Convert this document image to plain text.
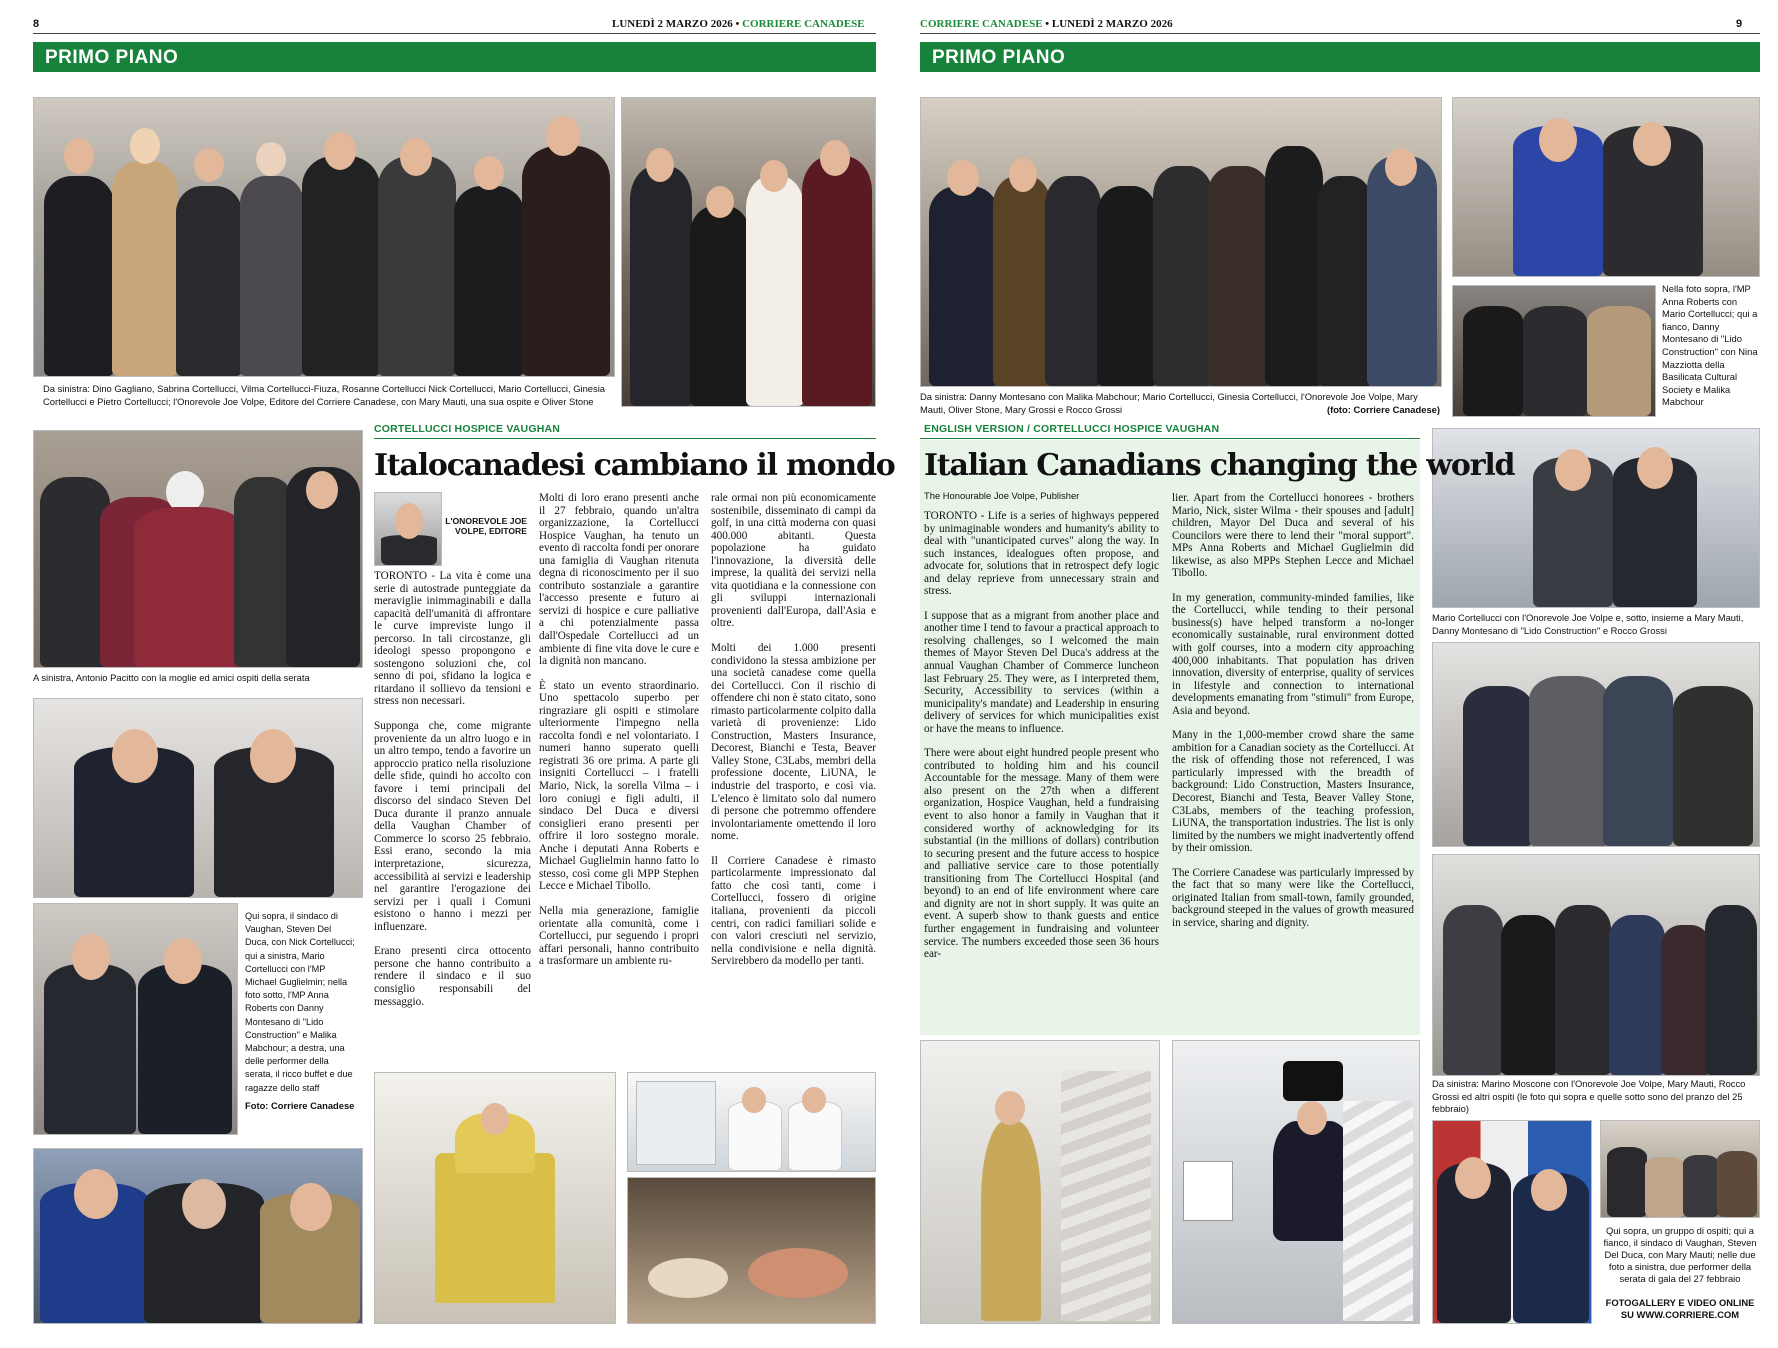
8	LUNEDÌ 2 MARZO 2026 • CORRIERE CANADESE
PRIMO PIANO
Da sinistra: Dino Gagliano, Sabrina Cortellucci, Vilma Cortellucci-Fiuza, Rosanne Cortellucci Nick Cortellucci, Mario Cortellucci, Ginesia Cortellucci e Pietro Cortellucci; l'Onorevole Joe Volpe, Editore del Corriere Canadese, con Mary Mauti, una sua ospite e Oliver Stone
A sinistra, Antonio Pacitto con la moglie ed amici ospiti della serata
Qui sopra, il sindaco di Vaughan, Steven Del Duca, con Nick Cortellucci; qui a sinistra, Mario Cortellucci con l'MP Michael Guglielmin; nella foto sotto, l'MP Anna Roberts con Danny Montesano di "Lido Construction" e Malika Mabchour; a destra, una delle performer della serata, il ricco buffet e due ragazze dello staff
Foto: Corriere Canadese
CORTELLUCCI HOSPICE VAUGHAN
Italocanadesi cambiano il mondo
L'ONOREVOLE JOE VOLPE, EDITORE

TORONTO - La vita è come una serie di autostrade punteggiate da meraviglie inimmaginabili e dalla capacità dell'umanità di affrontare le curve impreviste lungo il percorso. In tali circostanze, gli ideologi spesso propongono e sostengono soluzioni che, col senno di poi, sfidano la logica e ritardano il sollievo da tensioni e stress non necessari.

Supponga che, come migrante proveniente da un altro luogo e in un altro tempo, tendo a favorire un approccio pratico nella risoluzione delle sfide, quindi ho accolto con favore i temi principali del discorso del sindaco Steven Del Duca durante il pranzo annuale della Vaughan Chamber of Commerce lo scorso 25 febbraio. Essi erano, secondo la mia interpretazione, sicurezza, accessibilità ai servizi e leadership nel garantire l'erogazione dei servizi per i quali i Comuni esistono o hanno i mezzi per influenzare.

Erano presenti circa ottocento persone che hanno contribuito a rendere il sindaco e il suo consiglio responsabili del messaggio.

Molti di loro erano presenti anche il 27 febbraio, quando un'altra organizzazione, la Cortellucci Hospice Vaughan, ha tenuto un evento di raccolta fondi per onorare una famiglia di Vaughan ritenuta degna di riconoscimento per il suo contributo sostanziale a garantire l'accesso presente e futuro ai servizi di hospice e cure palliative a chi potenzialmente passa dall'Ospedale Cortellucci ad un ambiente di fine vita dove le cure e la dignità non mancano.

È stato un evento straordinario. Uno spettacolo superbo per ringraziare gli ospiti e stimolare ulteriormente l'impegno nella raccolta fondi e nel volontariato. I numeri hanno superato quelli registrati 36 ore prima. A parte gli insigniti Cortellucci – i fratelli Mario, Nick, la sorella Vilma – i loro coniugi e figli adulti, il sindaco Del Duca e diversi consiglieri erano presenti per offrire il loro sostegno morale. Anche i deputati Anna Roberts e Michael Guglielmin hanno fatto lo stesso, così come gli MPP Stephen Lecce e Michael Tibollo.

Nella mia generazione, famiglie orientate alla comunità, come i Cortellucci, pur seguendo i propri affari personali, hanno contribuito a trasformare un ambiente ru-

rale ormai non più economicamente sostenibile, disseminato di campi da golf, in una città moderna con quasi 400.000 abitanti. Questa popolazione ha guidato l'innovazione, la diversità delle imprese, la qualità dei servizi nella vita quotidiana e la connessione con gli sviluppi internazionali provenienti dall'Europa, dall'Asia e oltre.

Molti dei 1.000 presenti condividono la stessa ambizione per una società canadese come quella dei Cortellucci. Con il rischio di offendere chi non è stato citato, sono rimasto particolarmente colpito dalla varietà di provenienze: Lido Construction, Masters Insurance, Decorest, Bianchi e Testa, Beaver Valley Stone, C3Labs, membri della professione docente, LiUNA, le industrie del trasporto, e così via. L'elenco è limitato solo dal numero di persone che potremmo offendere involontariamente omettendo il loro nome.

Il Corriere Canadese è rimasto particolarmente impressionato dal fatto che così tanti, come i Cortellucci, fossero di origine italiana, provenienti da piccoli centri, con radici familiari solide e con valori cresciuti nel servizio, nella condivisione e nella dignità. Servirebbero da modello per tanti.

9
CORRIERE CANADESE • LUNEDÌ 2 MARZO 2026
PRIMO PIANO
Da sinistra: Danny Montesano con Malika Mabchour; Mario Cortellucci, Ginesia Cortellucci, l'Onorevole Joe Volpe, Mary Mauti, Oliver Stone, Mary Grossi e Rocco Grossi	(foto: Corriere Canadese)
Nella foto sopra, l'MP Anna Roberts con Mario Cortellucci; qui a fianco, Danny Montesano di "Lido Construction" con Nina Mazziotta della Basilicata Cultural Society e Malika Mabchour
Mario Cortellucci con l'Onorevole Joe Volpe e, sotto, insieme a Mary Mauti, Danny Montesano di "Lido Construction" e Rocco Grossi
Da sinistra: Marino Moscone con l'Onorevole Joe Volpe, Mary Mauti, Rocco Grossi ed altri ospiti (le foto qui sopra e quelle sotto sono del pranzo del 25 febbraio)
Qui sopra, un gruppo di ospiti; qui a fianco, il sindaco di Vaughan, Steven Del Duca, con Mary Mauti; nelle due foto a sinistra, due performer della serata di gala del 27 febbraio
FOTOGALLERY E VIDEO ONLINE SU WWW.CORRIERE.COM
ENGLISH VERSION / CORTELLUCCI HOSPICE VAUGHAN
Italian Canadians changing the world
The Honourable Joe Volpe, Publisher

TORONTO - Life is a series of highways peppered by unimaginable wonders and humanity's ability to deal with "unanticipated curves" along the way. In such instances, idealogues often propose, and advocate for, solutions that in retrospect defy logic and delay reprieve from unnecessary strain and stress.

I suppose that as a migrant from another place and another time I tend to favour a practical approach to resolving challenges, so I welcomed the main themes of Mayor Steven Del Duca's address at the annual Vaughan Chamber of Commerce luncheon last February 25. They were, as I interpreted them, Security, Accessibility to services (within a municipality's mandate) and Leadership in ensuring delivery of services for which municipalities exist or have the means to influence.

There were about eight hundred people present who contributed to holding him and his council Accountable for the message. Many of them were also present on the 27th when a different organization, Hospice Vaughan, held a fundraising event to also honor a family in Vaughan that it considered worthy of acknowledging for its substantial (in the millions of dollars) contribution to securing present and the future access to hospice and palliative service care to those potentially transitioning from The Cortellucci Hospital (and beyond) to an end of life environment where care and dignity are not in short supply. It was quite an event. A superb show to thank guests and entice further engagement in fundraising and volunteer service. The numbers exceeded those seen 36 hours ear-

lier. Apart from the Cortellucci honorees - brothers Mario, Nick, sister Wilma - their spouses and [adult] children, Mayor Del Duca and several of his Councilors were there to lend their "moral support". MPs Anna Roberts and Michael Guglielmin did likewise, as also MPPs Stephen Lecce and Michael Tibollo.

In my generation, community-minded families, like the Cortellucci, while tending to their personal business(s) have helped transform a no-longer economically sustainable, rural environment dotted with golf courses, into a modern city approaching 400,000 inhabitants. That population has driven innovation, diversity of enterprise, quality of services in lifestyle and connection to international developments emanating from "stimuli" from Europe, Asia and beyond.

Many in the 1,000-member crowd share the same ambition for a Canadian society as the Cortellucci. At the risk of offending those not referenced, I was particularly impressed with the breadth of background: Lido Construction, Masters Insurance, Decorest, Bianchi and Testa, Beaver Valley Stone, C3Labs, members of the teaching profession, LiUNA, the transportation industries. The list is only limited by the numbers we might inadvertently offend by their omission.

The Corriere Canadese was particularly impressed by the fact that so many were like the Cortellucci, originated Italian from small-town, family grounded, background steeped in the values of growth measured in service, sharing and dignity.
